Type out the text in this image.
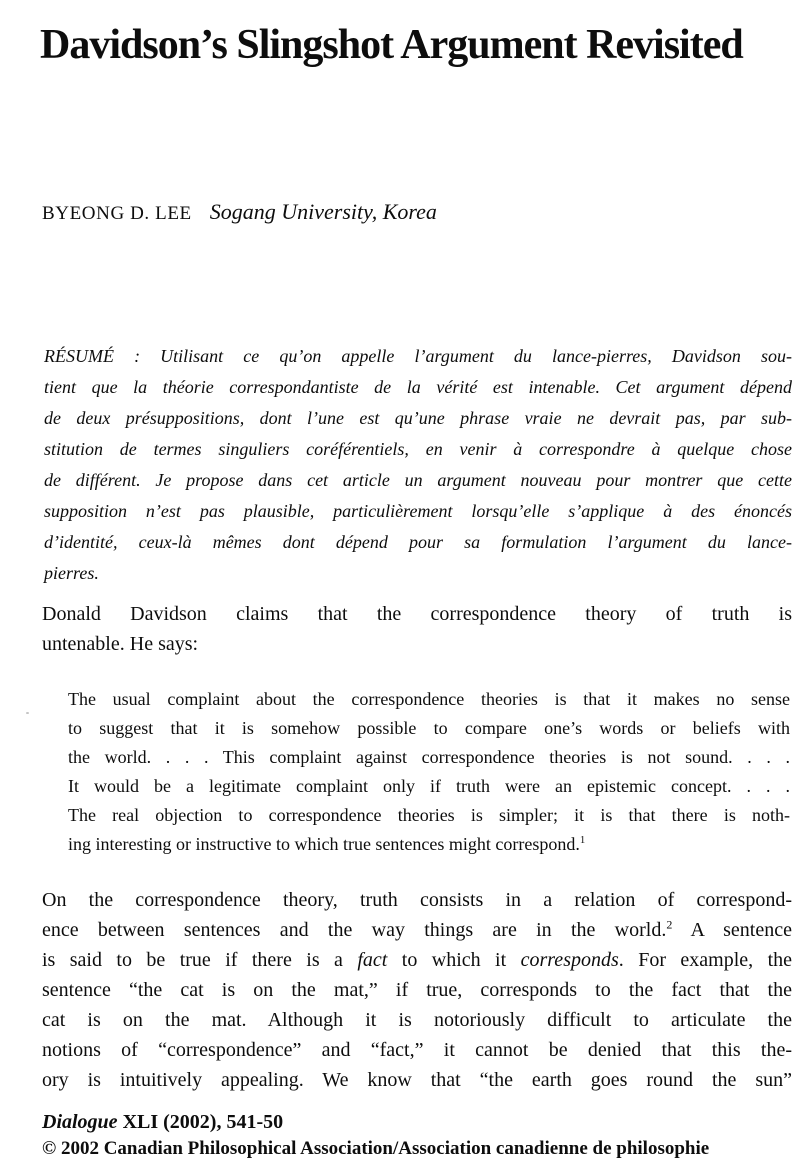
Davidson’s Slingshot Argument Revisited
BYEONG D. LEE Sogang University, Korea
RÉSUMÉ : Utilisant ce qu’on appelle l’argument du lance-pierres, Davidson sou-
tient que la théorie correspondantiste de la vérité est intenable. Cet argument dépend
de deux présuppositions, dont l’une est qu’une phrase vraie ne devrait pas, par sub-
stitution de termes singuliers coréférentiels, en venir à correspondre à quelque chose
de différent. Je propose dans cet article un argument nouveau pour montrer que cette
supposition n’est pas plausible, particulièrement lorsqu’elle s’applique à des énoncés
d’identité, ceux-là mêmes dont dépend pour sa formulation l’argument du lance-
pierres.
Donald Davidson claims that the correspondence theory of truth is
untenable. He says:
The usual complaint about the correspondence theories is that it makes no sense
to suggest that it is somehow possible to compare one’s words or beliefs with
the world. . . . This complaint against correspondence theories is not sound. . . .
It would be a legitimate complaint only if truth were an epistemic concept. . . .
The real objection to correspondence theories is simpler; it is that there is noth-
ing interesting or instructive to which true sentences might correspond.$^1$
On the correspondence theory, truth consists in a relation of correspond-
ence between sentences and the way things are in the world.$^2$ A sentence
is said to be true if there is a fact to which it corresponds. For example, the
sentence “the cat is on the mat,” if true, corresponds to the fact that the
cat is on the mat. Although it is notoriously difficult to articulate the
notions of “correspondence” and “fact,” it cannot be denied that this the-
ory is intuitively appealing. We know that “the earth goes round the sun”
Dialogue XLI (2002), 541-50
© 2002 Canadian Philosophical Association/Association canadienne de philosophie
